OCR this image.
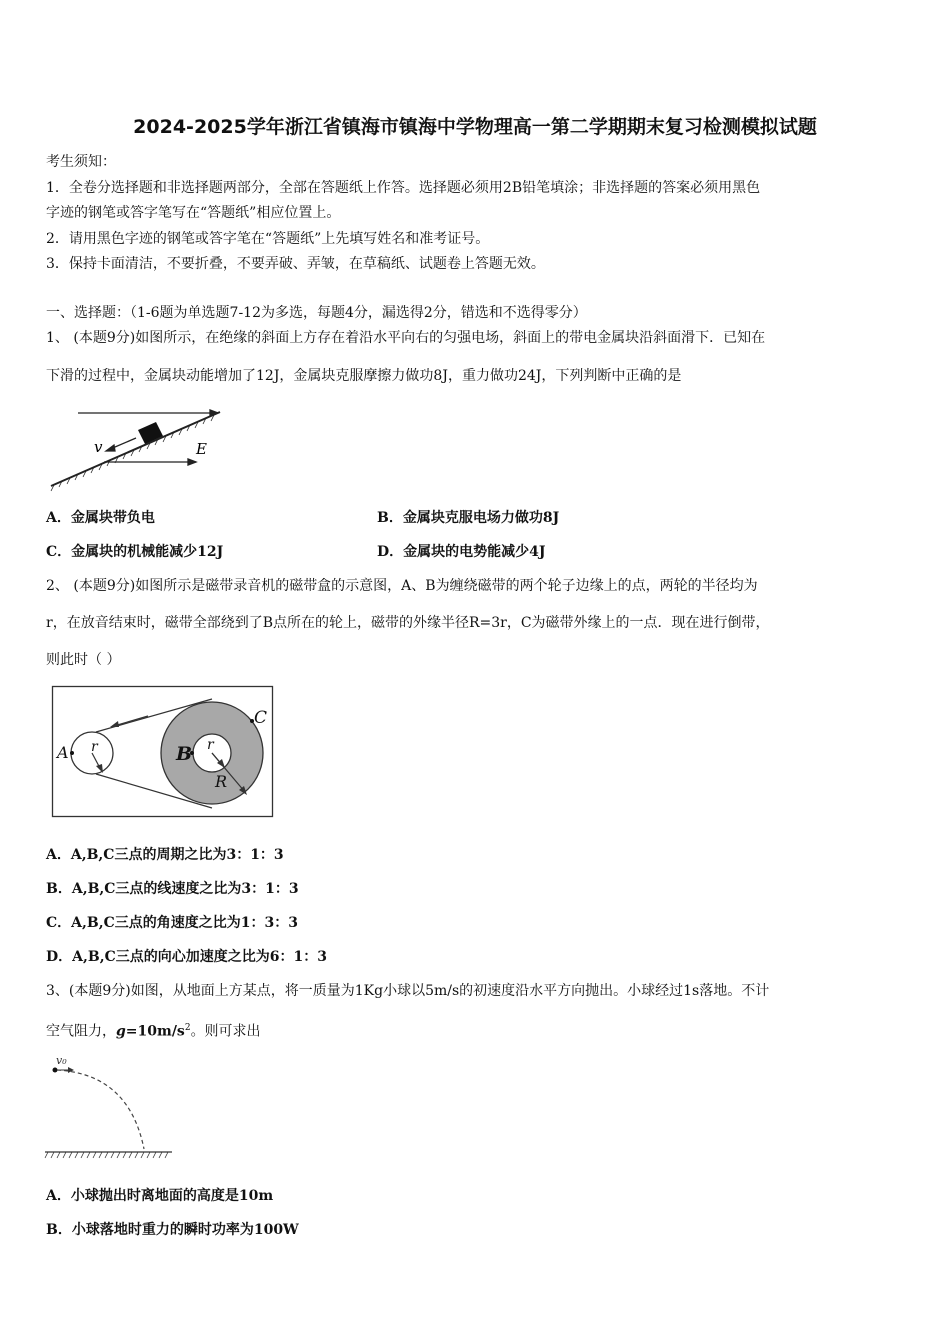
2024-2025学年浙江省镇海市镇海中学物理高一第二学期期末复习检测模拟试题
考生须知：
1．全卷分选择题和非选择题两部分，全部在答题纸上作答。选择题必须用2B铅笔填涂；非选择题的答案必须用黑色
字迹的钢笔或答字笔写在“答题纸”相应位置上。
2．请用黑色字迹的钢笔或答字笔在“答题纸”上先填写姓名和准考证号。
3．保持卡面清洁，不要折叠，不要弄破、弄皱，在草稿纸、试题卷上答题无效。
一、选择题：（1-6题为单选题7-12为多选，每题4分，漏选得2分，错选和不选得零分）
1、 (本题9分)如图所示，在绝缘的斜面上方存在着沿水平向右的匀强电场，斜面上的带电金属块沿斜面滑下．已知在
下滑的过程中，金属块动能增加了12J，金属块克服摩擦力做功8J，重力做功24J，下列判断中正确的是
v	E
A．金属块带负电	B．金属块克服电场力做功8J
C．金属块的机械能减少12J	D．金属块的电势能减少4J
2、 (本题9分)如图所示是磁带录音机的磁带盒的示意图，A、B为缠绕磁带的两个轮子边缘上的点，两轮的半径均为
r，在放音结束时，磁带全部绕到了B点所在的轮上，磁带的外缘半径R=3r，C为磁带外缘上的一点．现在进行倒带，
则此时（ ）
A	B
C
r	r
R
A．A,B,C三点的周期之比为3：1：3
B．A,B,C三点的线速度之比为3：1：3
C．A,B,C三点的角速度之比为1：3：3
D．A,B,C三点的向心加速度之比为6：1：3
3、(本题9分)如图，从地面上方某点，将一质量为1Kg小球以5m/s的初速度沿水平方向抛出。小球经过1s落地。不计
空气阻力，$g=10m/s^2$。则可求出
v₀
A．小球抛出时离地面的高度是10m
B．小球落地时重力的瞬时功率为100W
